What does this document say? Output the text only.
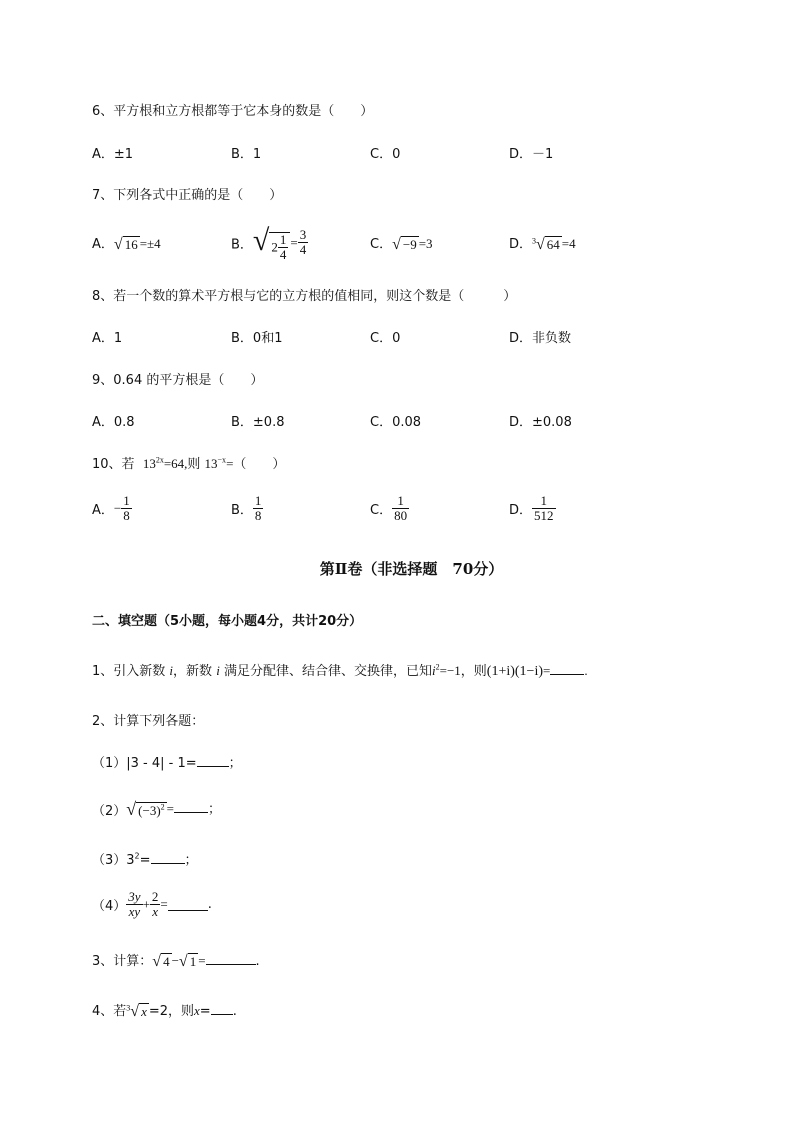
6、平方根和立方根都等于它本身的数是（　　）
A．±1	B．1	C．0	D．－1
7、下列各式中正确的是（　　）
A．√ 16 =±4	B．√ $2 \frac{1}{4} = \frac{3}{4}$	C．√ −9 =3	D．$^3$√ 64 =4
8、若一个数的算术平方根与它的立方根的值相同，则这个数是（　　　）
A．1	B．0和1	C．0	D．非负数
9、0.64 的平方根是（　　）
A．0.8	B．±0.8	C．0.08	D．±0.08
10、若 $13^{2x}=64$,则 $13^{-x}=$（　　）
A．− $\frac{1}{8}$	B． $\frac{1}{8}$	C． $\frac{1}{80}$	D． $\frac{1}{512}$
第Ⅱ卷（非选择题　70分）
二、填空题（5小题，每小题4分，共计20分）
1、引入新数 i，新数 i 满足分配律、结合律、交换律，已知$i^2=-1$，则(1+i)(1−i)=	.
2、计算下列各题：
（1）|3 - 4| - 1= ；
（2）√ $(-3)^2$ =	；
$(3)3^2=$	；
$(4) \frac{3y}{xy} + \frac{2}{x}$ =	.
3、计算：√ 4 −√ 1 =	.
4、若$^3$√ x =2，则x= .
